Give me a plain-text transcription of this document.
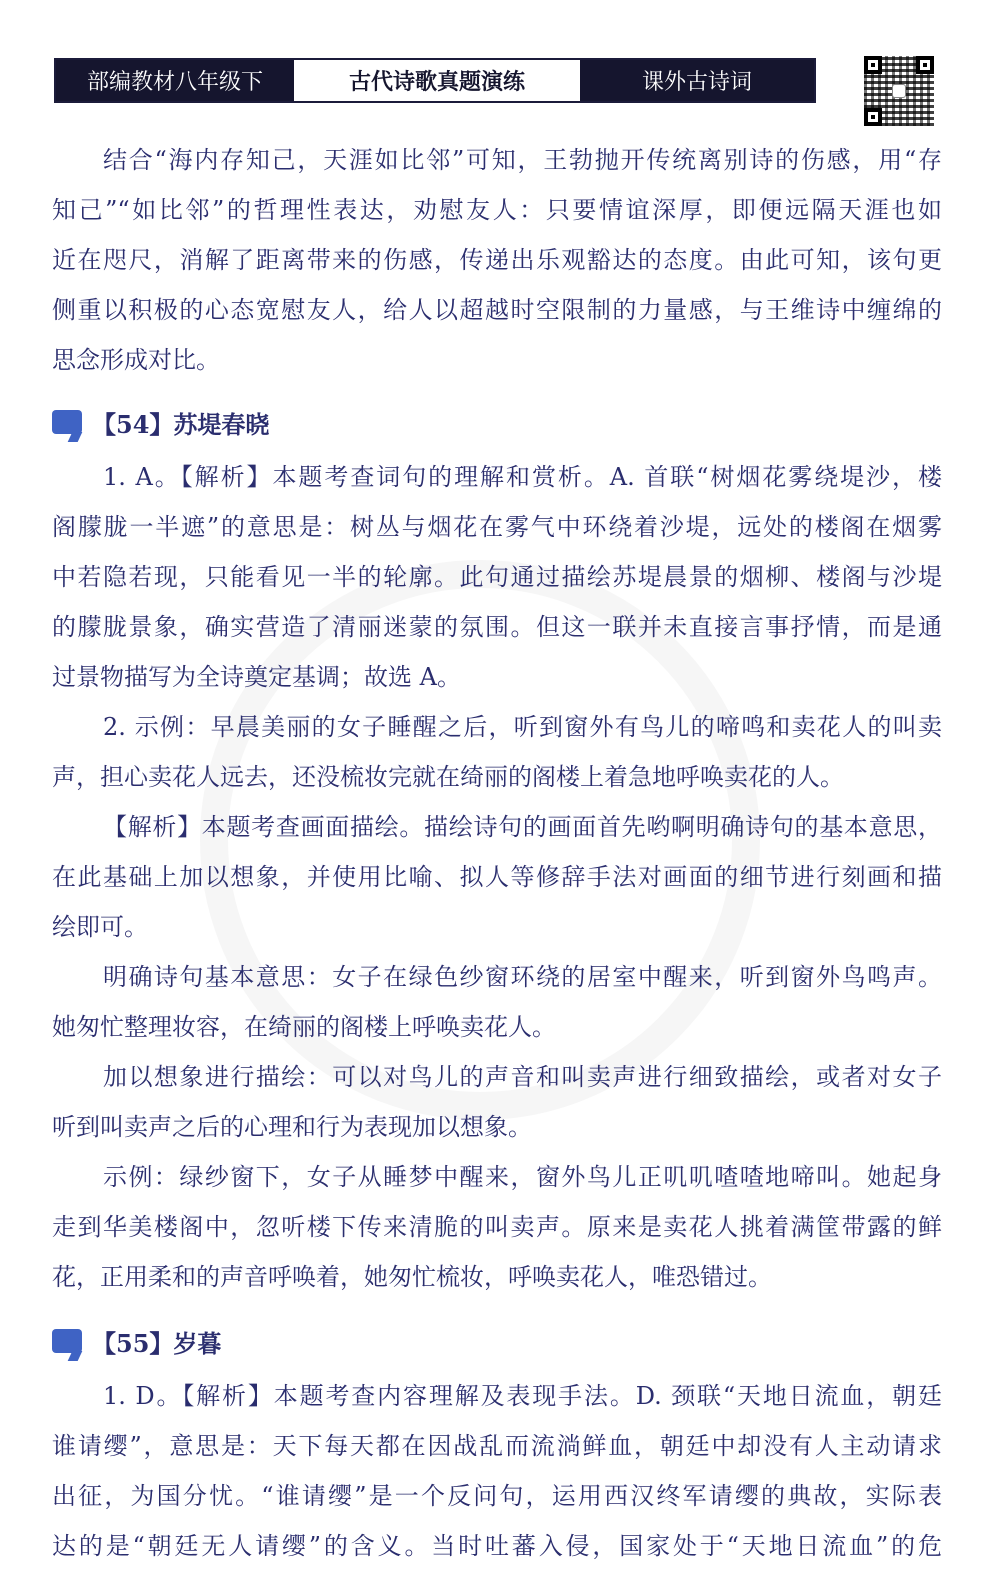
部编教材八年级下	古代诗歌真题演练	课外古诗词
结合“海内存知己，天涯如比邻”可知，王勃抛开传统离别诗的伤感，用“存
知己”“如比邻”的哲理性表达，劝慰友人：只要情谊深厚，即便远隔天涯也如
近在咫尺，消解了距离带来的伤感，传递出乐观豁达的态度。由此可知，该句更
侧重以积极的心态宽慰友人，给人以超越时空限制的力量感，与王维诗中缠绵的
思念形成对比。
【54】苏堤春晓
1. A。【解析】本题考查词句的理解和赏析。A. 首联“树烟花雾绕堤沙，楼
阁朦胧一半遮”的意思是：树丛与烟花在雾气中环绕着沙堤，远处的楼阁在烟雾
中若隐若现，只能看见一半的轮廓。此句通过描绘苏堤晨景的烟柳、楼阁与沙堤
的朦胧景象，确实营造了清丽迷蒙的氛围。但这一联并未直接言事抒情，而是通
过景物描写为全诗奠定基调；故选 A。
2. 示例：早晨美丽的女子睡醒之后，听到窗外有鸟儿的啼鸣和卖花人的叫卖
声，担心卖花人远去，还没梳妆完就在绮丽的阁楼上着急地呼唤卖花的人。
【解析】本题考查画面描绘。描绘诗句的画面首先哟啊明确诗句的基本意思，
在此基础上加以想象，并使用比喻、拟人等修辞手法对画面的细节进行刻画和描
绘即可。
明确诗句基本意思：女子在绿色纱窗环绕的居室中醒来，听到窗外鸟鸣声。
她匆忙整理妆容，在绮丽的阁楼上呼唤卖花人。
加以想象进行描绘：可以对鸟儿的声音和叫卖声进行细致描绘，或者对女子
听到叫卖声之后的心理和行为表现加以想象。
示例：绿纱窗下，女子从睡梦中醒来，窗外鸟儿正叽叽喳喳地啼叫。她起身
走到华美楼阁中，忽听楼下传来清脆的叫卖声。原来是卖花人挑着满筐带露的鲜
花，正用柔和的声音呼唤着，她匆忙梳妆，呼唤卖花人，唯恐错过。
【55】岁暮
1. D。【解析】本题考查内容理解及表现手法。D. 颈联“天地日流血，朝廷
谁请缨”，意思是：天下每天都在因战乱而流淌鲜血，朝廷中却没有人主动请求
出征，为国分忧。“谁请缨”是一个反问句，运用西汉终军请缨的典故，实际表
达的是“朝廷无人请缨”的含义。当时吐蕃入侵，国家处于“天地日流血”的危
